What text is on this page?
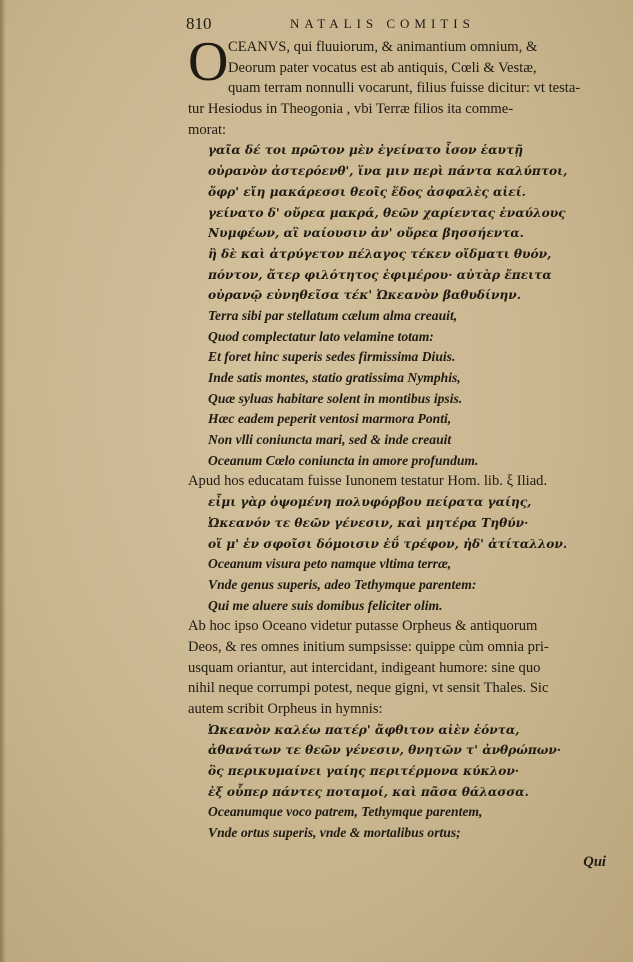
810	NATALIS COMITIS
O CEANVS, qui fluuiorum, & animantium omnium, &
Deorum pater vocatus est ab antiquis, Cœli & Vestæ,
quam terram nonnulli vocarunt, filius fuisse dicitur: vt testa-
tur Hesiodus in Theogonia , vbi Terræ filios ita comme-
morat:
γαῖα δέ τοι πρῶτον μὲν ἐγείνατο ἶσον ἑαυτῇ
οὐρανὸν ἀστερόενθ', ἵνα μιν περὶ πάντα καλύπτοι,
ὄφρ' εἴη μακάρεσσι θεοῖς ἕδος ἀσφαλὲς αἰεί.
γείνατο δ' οὔρεα μακρά, θεῶν χαρίεντας ἐναύλους
Νυμφέων, αἳ ναίουσιν ἀν' οὔρεα βησσήεντα.
ἣ δὲ καὶ ἀτρύγετον πέλαγος τέκεν οἴδματι θυόν,
πόντον, ἄτερ φιλότητος ἐφιμέρου· αὐτὰρ ἔπειτα
οὐρανῷ εὐνηθεῖσα τέκ' Ὠκεανὸν βαθυδίνην.
Terra sibi par stellatum cælum alma creauit,
Quod complectatur lato velamine totam:
Et foret hinc superis sedes firmissima Diuis.
Inde satis montes, statio gratissima Nymphis,
Quæ syluas habitare solent in montibus ipsis.
Hæc eadem peperit ventosi marmora Ponti,
Non vlli coniuncta mari, sed & inde creauit
Oceanum Cœlo coniuncta in amore profundum.
Apud hos educatam fuisse Iunonem testatur Hom. lib. ξ Iliad.
εἶμι γὰρ ὀψομένη πολυφόρβου πείρατα γαίης,
Ὠκεανόν τε θεῶν γένεσιν, καὶ μητέρα Τηθύν·
οἵ μ' ἐν σφοῖσι δόμοισιν ἐΰ τρέφον, ἠδ' ἀτίταλλον.
Oceanum visura peto namque vltima terræ,
Vnde genus superis, adeo Tethymque parentem:
Qui me aluere suis domibus feliciter olim.
Ab hoc ipso Oceano videtur putasse Orpheus & antiquorum
Deos, & res omnes initium sumpsisse: quippe cùm omnia pri-
usquam oriantur, aut intercidant, indigeant humore: sine quo
nihil neque corrumpi potest, neque gigni, vt sensit Thales. Sic
autem scribit Orpheus in hymnis:
Ὠκεανὸν καλέω πατέρ' ἄφθιτον αἰὲν ἐόντα,
ἀθανάτων τε θεῶν γένεσιν, θνητῶν τ' ἀνθρώπων·
ὃς περικυμαίνει γαίης περιτέρμονα κύκλον·
ἐξ οὗπερ πάντες ποταμοί, καὶ πᾶσα θάλασσα.
Oceanumque voco patrem, Tethymque parentem,
Vnde ortus superis, vnde & mortalibus ortus;
Qui
